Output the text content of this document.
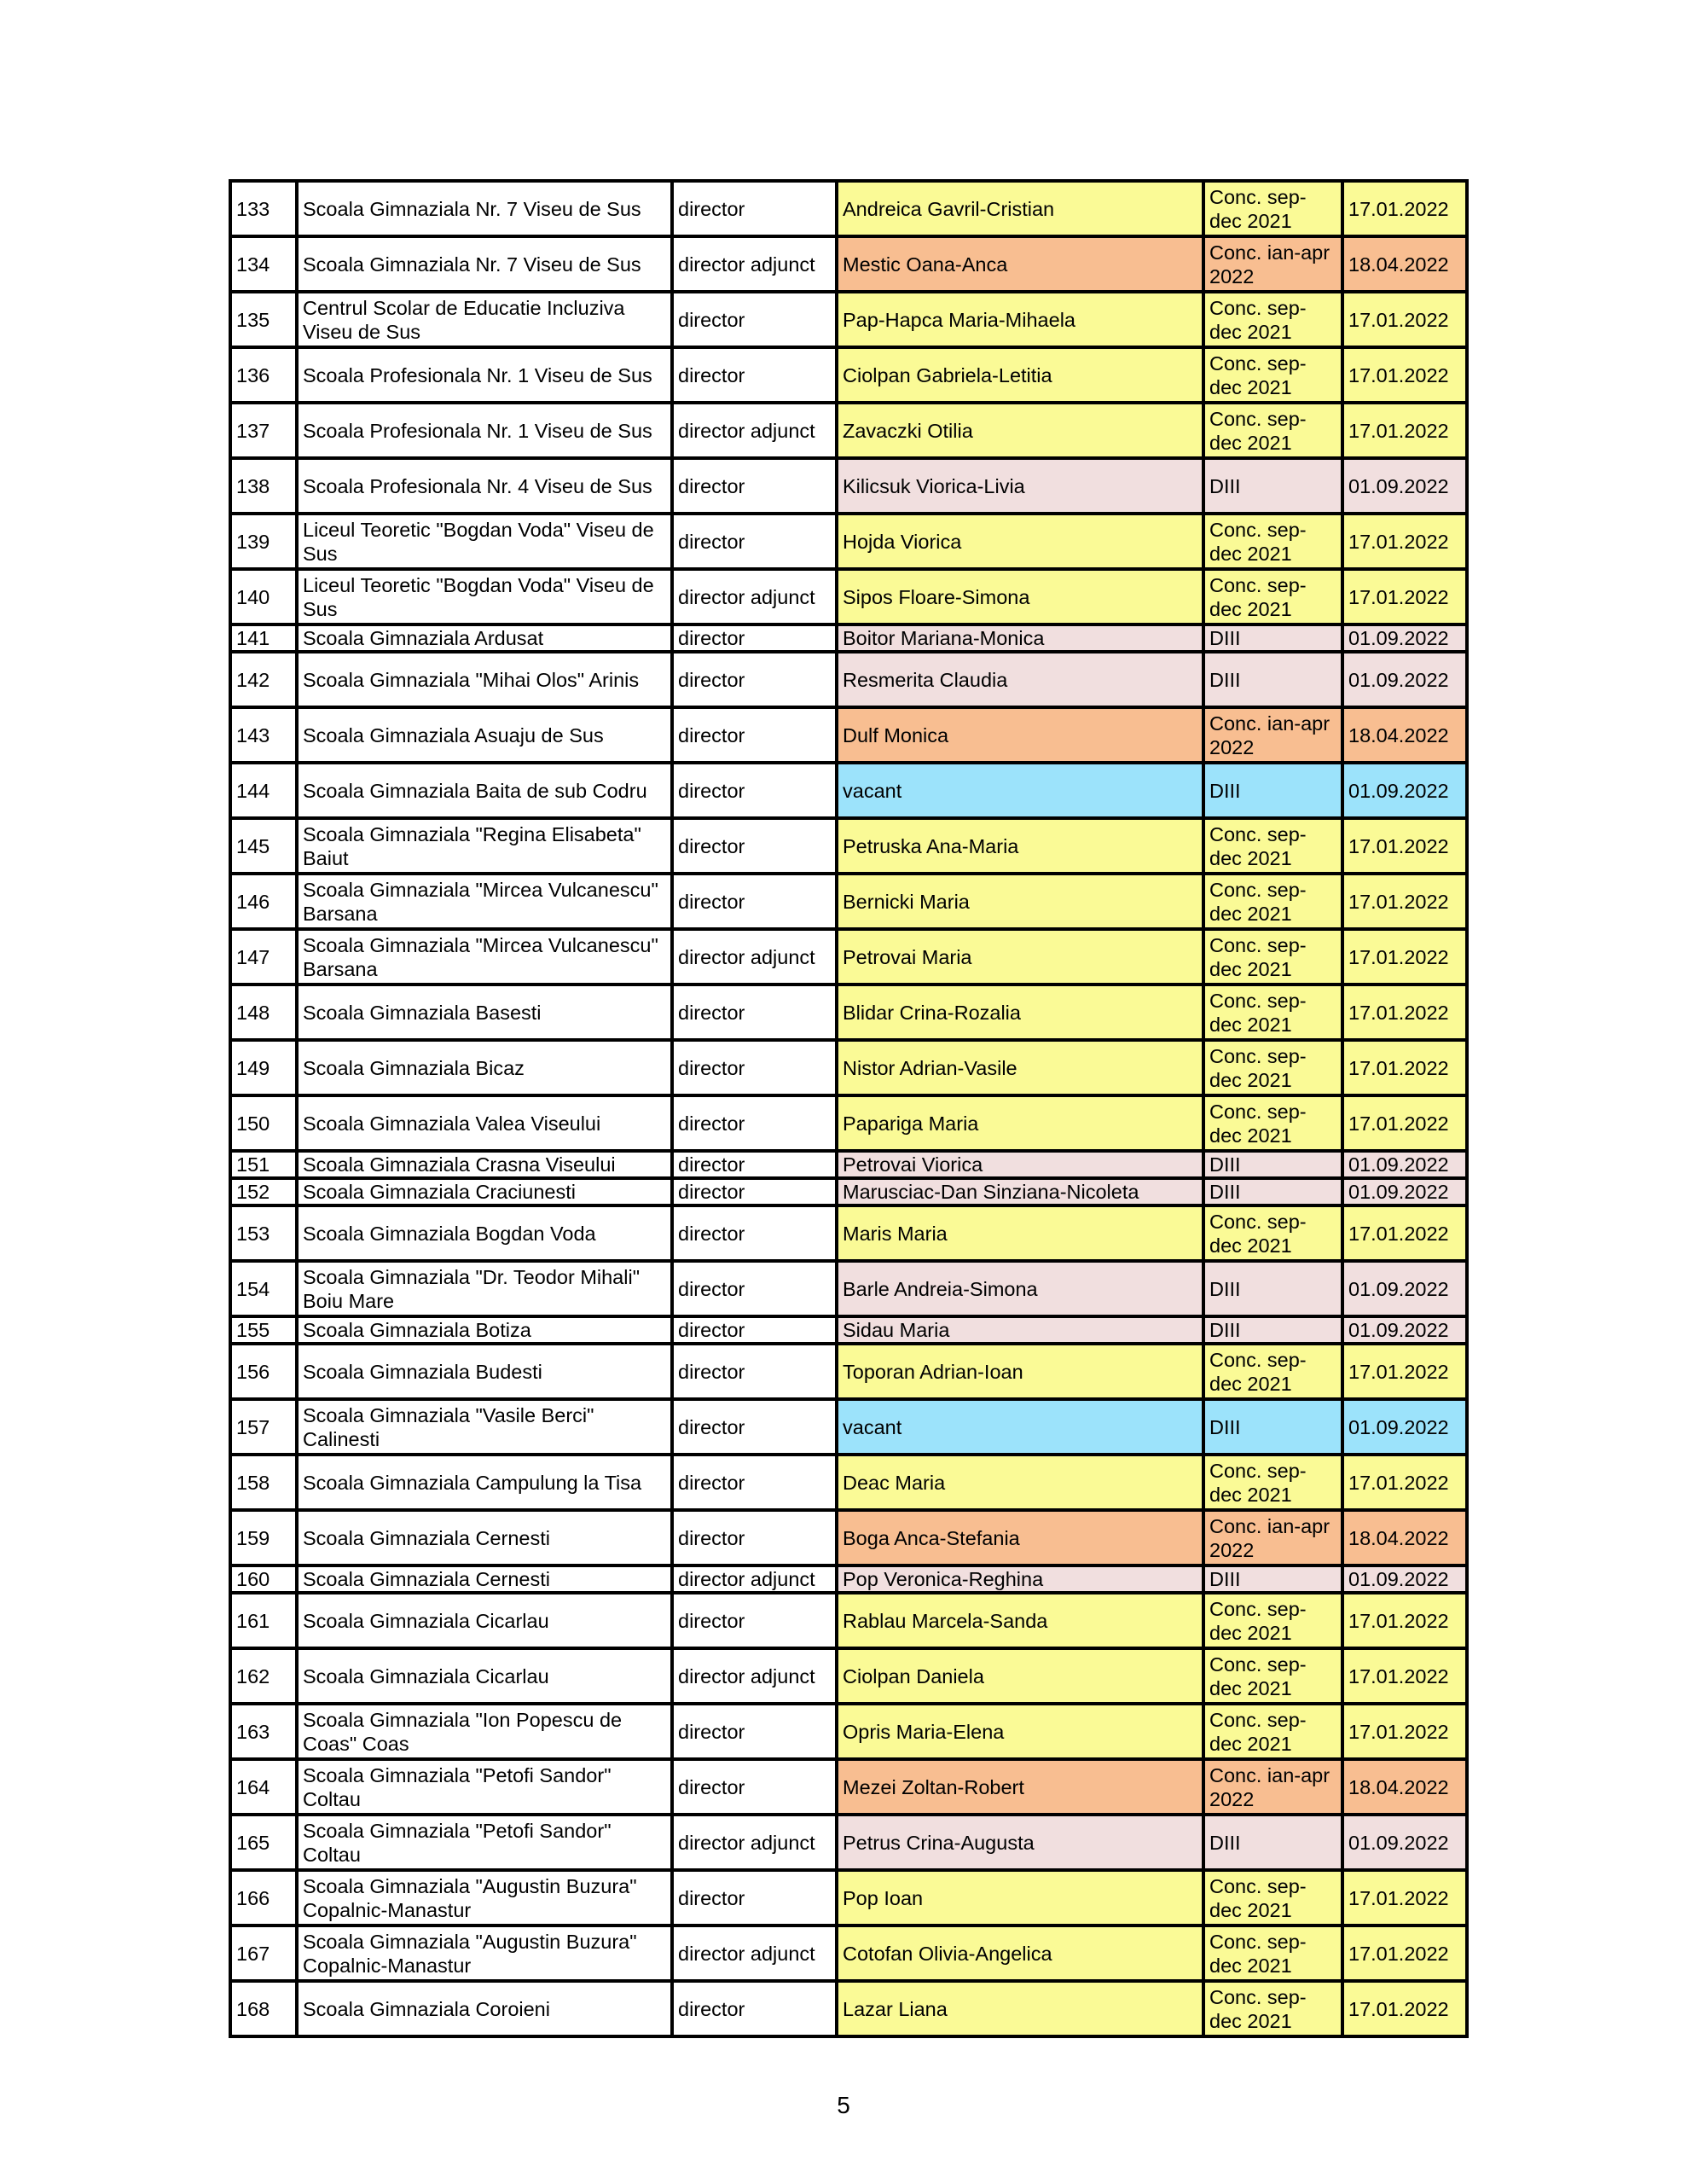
133	Scoala Gimnaziala Nr. 7 Viseu de Sus	director	Andreica Gavril-Cristian	Conc. sep-dec 2021	17.01.2022
134	Scoala Gimnaziala Nr. 7 Viseu de Sus	director adjunct	Mestic Oana-Anca	Conc. ian-apr 2022	18.04.2022
135	Centrul Scolar de Educatie Incluziva Viseu de Sus	director	Pap-Hapca Maria-Mihaela	Conc. sep-dec 2021	17.01.2022
136	Scoala Profesionala Nr. 1 Viseu de Sus	director	Ciolpan Gabriela-Letitia	Conc. sep-dec 2021	17.01.2022
137	Scoala Profesionala Nr. 1 Viseu de Sus	director adjunct	Zavaczki Otilia	Conc. sep-dec 2021	17.01.2022
138	Scoala Profesionala Nr. 4 Viseu de Sus	director	Kilicsuk Viorica-Livia	DIII	01.09.2022
139	Liceul Teoretic "Bogdan Voda" Viseu de Sus	director	Hojda Viorica	Conc. sep-dec 2021	17.01.2022
140	Liceul Teoretic "Bogdan Voda" Viseu de Sus	director adjunct	Sipos Floare-Simona	Conc. sep-dec 2021	17.01.2022
141	Scoala Gimnaziala Ardusat	director	Boitor Mariana-Monica	DIII	01.09.2022
142	Scoala Gimnaziala "Mihai Olos" Arinis	director	Resmerita Claudia	DIII	01.09.2022
143	Scoala Gimnaziala Asuaju de Sus	director	Dulf Monica	Conc. ian-apr 2022	18.04.2022
144	Scoala Gimnaziala Baita de sub Codru	director	vacant	DIII	01.09.2022
145	Scoala Gimnaziala "Regina Elisabeta" Baiut	director	Petruska Ana-Maria	Conc. sep-dec 2021	17.01.2022
146	Scoala Gimnaziala "Mircea Vulcanescu" Barsana	director	Bernicki Maria	Conc. sep-dec 2021	17.01.2022
147	Scoala Gimnaziala "Mircea Vulcanescu" Barsana	director adjunct	Petrovai Maria	Conc. sep-dec 2021	17.01.2022
148	Scoala Gimnaziala Basesti	director	Blidar Crina-Rozalia	Conc. sep-dec 2021	17.01.2022
149	Scoala Gimnaziala Bicaz	director	Nistor Adrian-Vasile	Conc. sep-dec 2021	17.01.2022
150	Scoala Gimnaziala Valea Viseului	director	Papariga Maria	Conc. sep-dec 2021	17.01.2022
151	Scoala Gimnaziala Crasna Viseului	director	Petrovai Viorica	DIII	01.09.2022
152	Scoala Gimnaziala Craciunesti	director	Marusciac-Dan Sinziana-Nicoleta	DIII	01.09.2022
153	Scoala Gimnaziala Bogdan Voda	director	Maris Maria	Conc. sep-dec 2021	17.01.2022
154	Scoala Gimnaziala "Dr. Teodor Mihali" Boiu Mare	director	Barle Andreia-Simona	DIII	01.09.2022
155	Scoala Gimnaziala Botiza	director	Sidau Maria	DIII	01.09.2022
156	Scoala Gimnaziala Budesti	director	Toporan Adrian-Ioan	Conc. sep-dec 2021	17.01.2022
157	Scoala Gimnaziala "Vasile Berci" Calinesti	director	vacant	DIII	01.09.2022
158	Scoala Gimnaziala Campulung la Tisa	director	Deac Maria	Conc. sep-dec 2021	17.01.2022
159	Scoala Gimnaziala Cernesti	director	Boga Anca-Stefania	Conc. ian-apr 2022	18.04.2022
160	Scoala Gimnaziala Cernesti	director adjunct	Pop Veronica-Reghina	DIII	01.09.2022
161	Scoala Gimnaziala Cicarlau	director	Rablau Marcela-Sanda	Conc. sep-dec 2021	17.01.2022
162	Scoala Gimnaziala Cicarlau	director adjunct	Ciolpan Daniela	Conc. sep-dec 2021	17.01.2022
163	Scoala Gimnaziala "Ion Popescu de Coas" Coas	director	Opris Maria-Elena	Conc. sep-dec 2021	17.01.2022
164	Scoala Gimnaziala "Petofi Sandor" Coltau	director	Mezei Zoltan-Robert	Conc. ian-apr 2022	18.04.2022
165	Scoala Gimnaziala "Petofi Sandor" Coltau	director adjunct	Petrus Crina-Augusta	DIII	01.09.2022
166	Scoala Gimnaziala "Augustin Buzura" Copalnic-Manastur	director	Pop Ioan	Conc. sep-dec 2021	17.01.2022
167	Scoala Gimnaziala "Augustin Buzura" Copalnic-Manastur	director adjunct	Cotofan Olivia-Angelica	Conc. sep-dec 2021	17.01.2022
168	Scoala Gimnaziala Coroieni	director	Lazar Liana	Conc. sep-dec 2021	17.01.2022
5
